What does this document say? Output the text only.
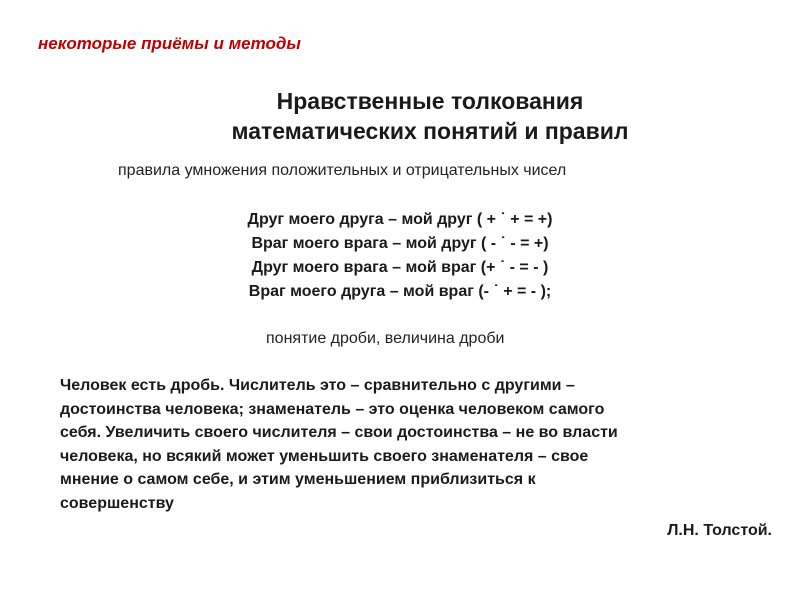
некоторые приёмы и методы
Нравственные толкования
математических понятий и правил
правила умножения положительных и отрицательных чисел
Друг моего друга – мой друг ( + ˙ + = +)
Враг моего врага – мой друг ( - ˙ - = +)
Друг моего врага – мой враг (+ ˙ - = - )
Враг моего друга – мой враг (- ˙ + = - );
понятие дроби, величина дроби
Человек есть дробь. Числитель это – сравнительно с другими –
достоинства человека; знаменатель – это оценка человеком самого
себя. Увеличить своего числителя – свои достоинства – не во власти
человека, но всякий может уменьшить своего знаменателя – свое
мнение о самом себе, и этим уменьшением приблизиться к
совершенству
Л.Н. Толстой.
